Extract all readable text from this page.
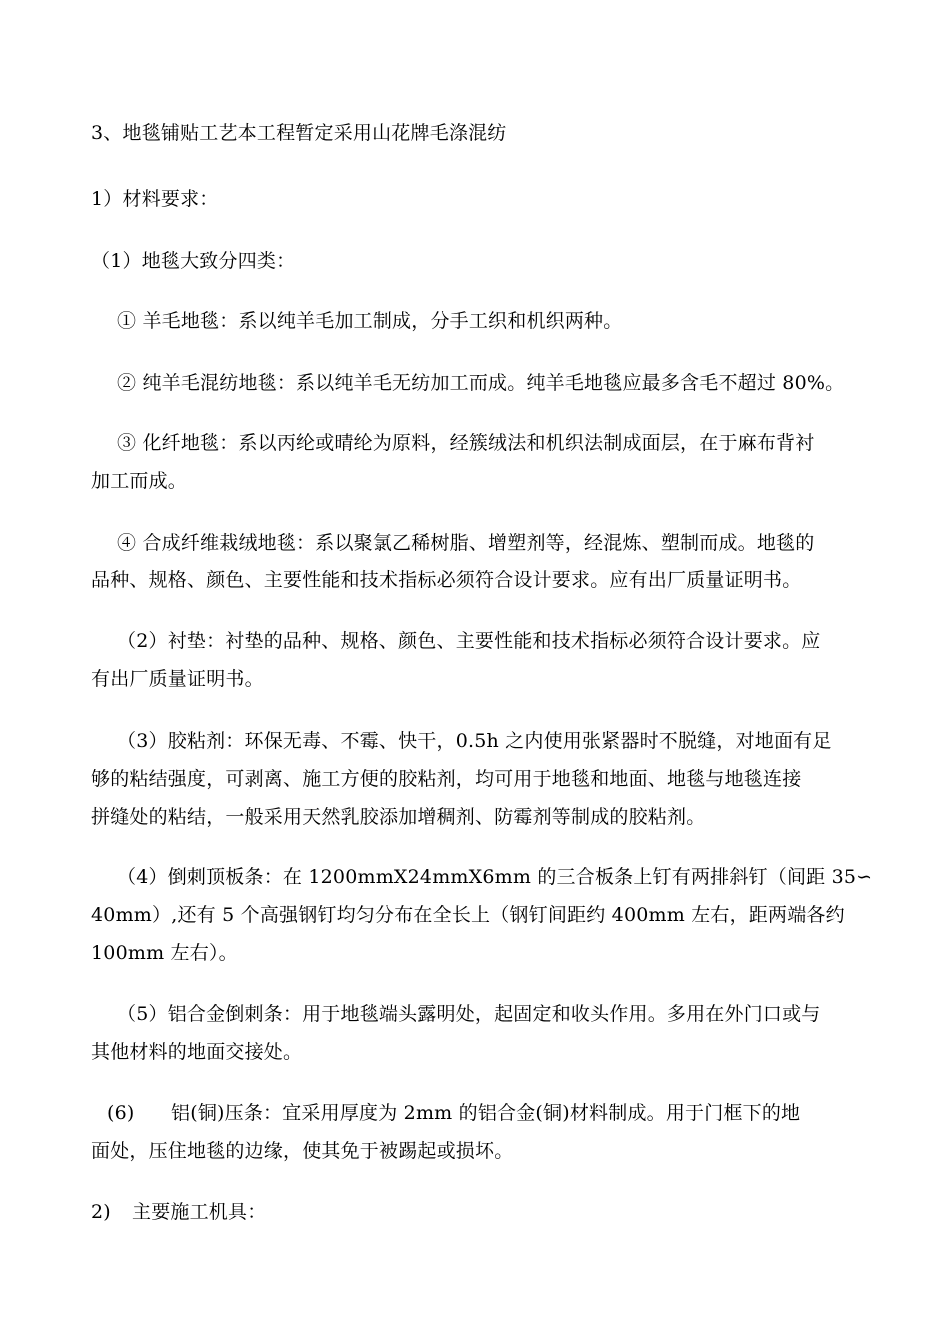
3、地毯铺贴工艺本工程暂定采用山花牌毛涤混纺
1）材料要求：
（1）地毯大致分四类：
① 羊毛地毯：系以纯羊毛加工制成，分手工织和机织两种。
② 纯羊毛混纺地毯：系以纯羊毛无纺加工而成。纯羊毛地毯应最多含毛不超过 80%。
③ 化纤地毯：系以丙纶或晴纶为原料，经簇绒法和机织法制成面层，在于麻布背衬
加工而成。
④ 合成纤维栽绒地毯：系以聚氯乙稀树脂、增塑剂等，经混炼、塑制而成。地毯的
品种、规格、颜色、主要性能和技术指标必须符合设计要求。应有出厂质量证明书。
（2）衬垫：衬垫的品种、规格、颜色、主要性能和技术指标必须符合设计要求。应
有出厂质量证明书。
（3）胶粘剂：环保无毒、不霉、快干，0.5h 之内使用张紧器时不脱缝，对地面有足
够的粘结强度，可剥离、施工方便的胶粘剂，均可用于地毯和地面、地毯与地毯连接
拼缝处的粘结，一般采用天然乳胶添加增稠剂、防霉剂等制成的胶粘剂。
（4）倒刺顶板条：在 1200mmX24mmX6mm 的三合板条上钉有两排斜钉（间距 35∽
40mm）,还有 5 个高强钢钉均匀分布在全长上（钢钉间距约 400mm 左右，距两端各约
100mm 左右）。
（5）铝合金倒刺条：用于地毯端头露明处，起固定和收头作用。多用在外门口或与
其他材料的地面交接处。
(6) 铝(铜)压条：宜采用厚度为 2mm 的铝合金(铜)材料制成。用于门框下的地
面处，压住地毯的边缘，使其免于被踢起或损坏。
2) 主要施工机具：
